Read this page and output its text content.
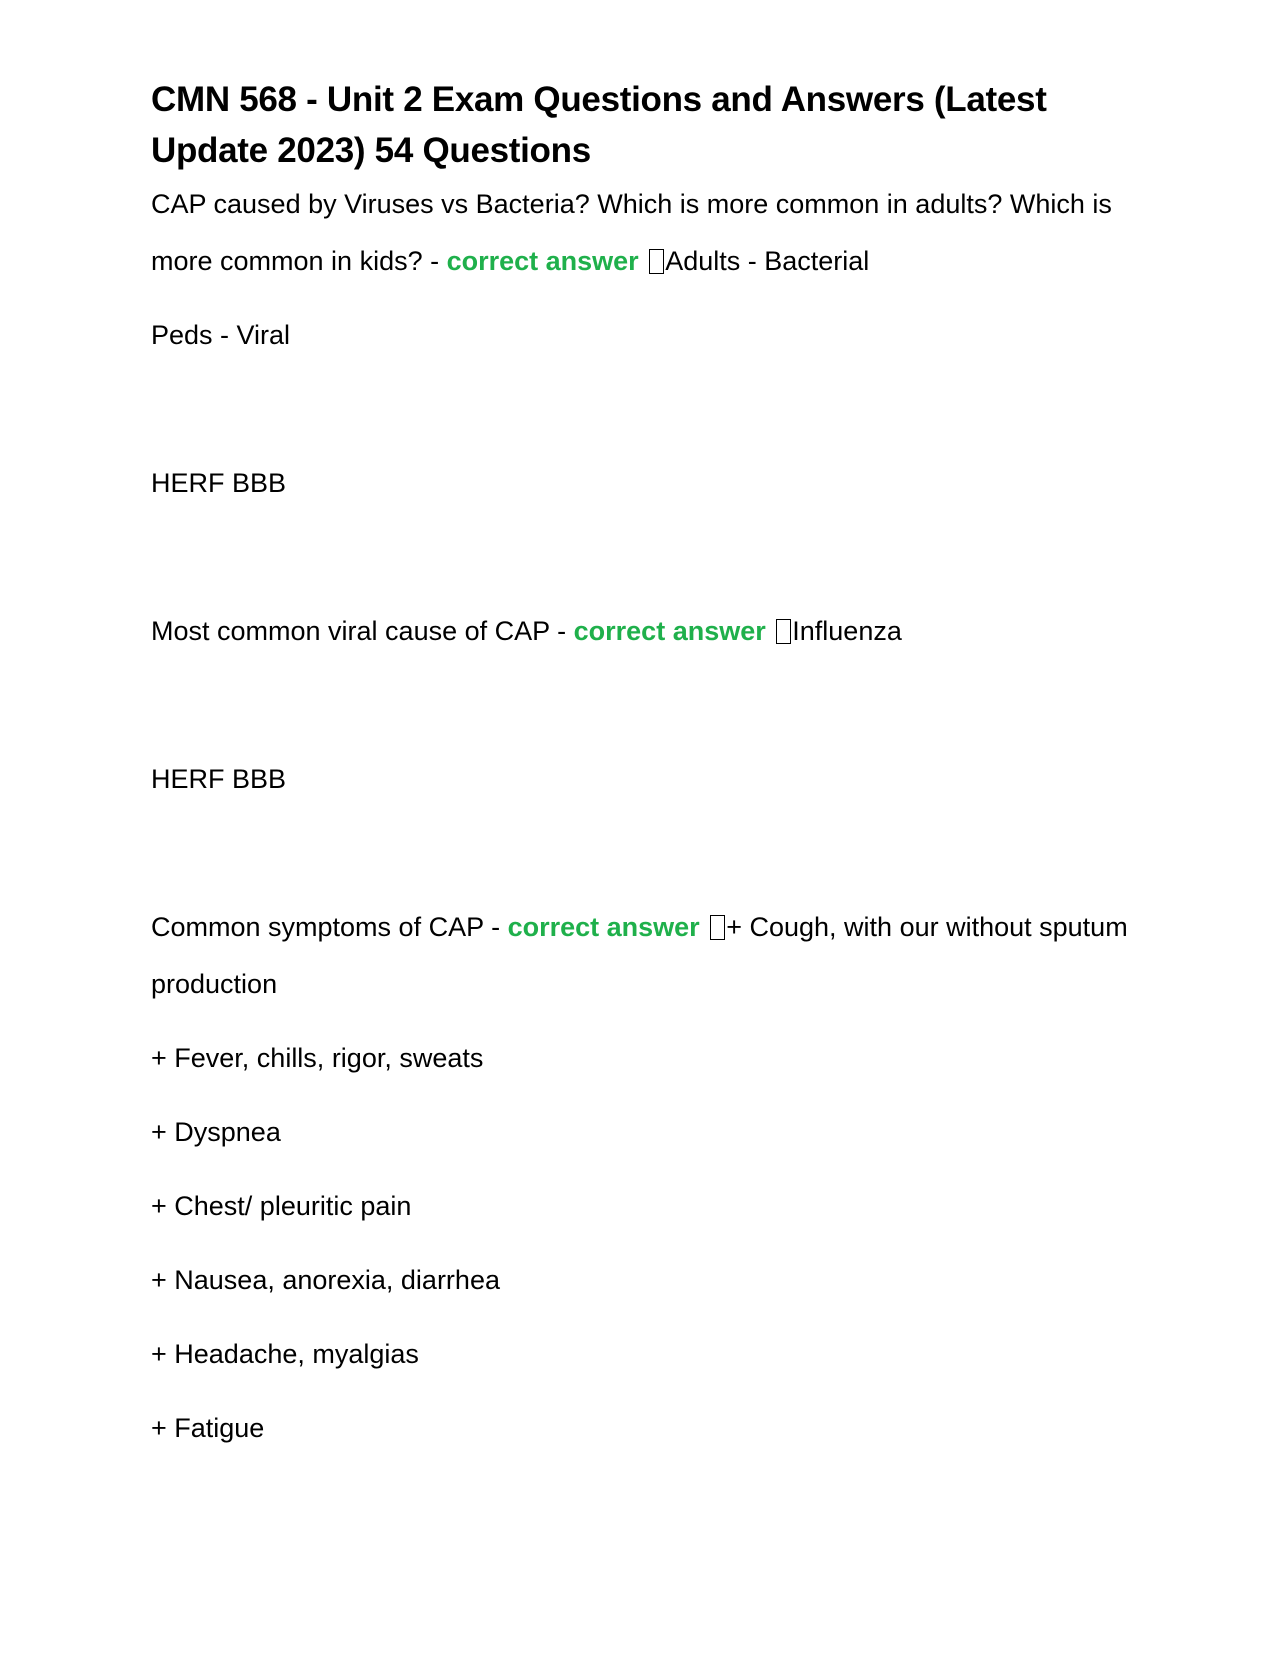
CMN 568 - Unit 2 Exam Questions and Answers (Latest Update 2023) 54 Questions

CAP caused by Viruses vs Bacteria? Which is more common in adults? Which is more common in kids? - correct answer Adults - Bacterial

Peds - Viral

HERF BBB

Most common viral cause of CAP - correct answer Influenza

HERF BBB

Common symptoms of CAP - correct answer + Cough, with our without sputum production

+ Fever, chills, rigor, sweats

+ Dyspnea

+ Chest/ pleuritic pain

+ Nausea, anorexia, diarrhea

+ Headache, myalgias

+ Fatigue
